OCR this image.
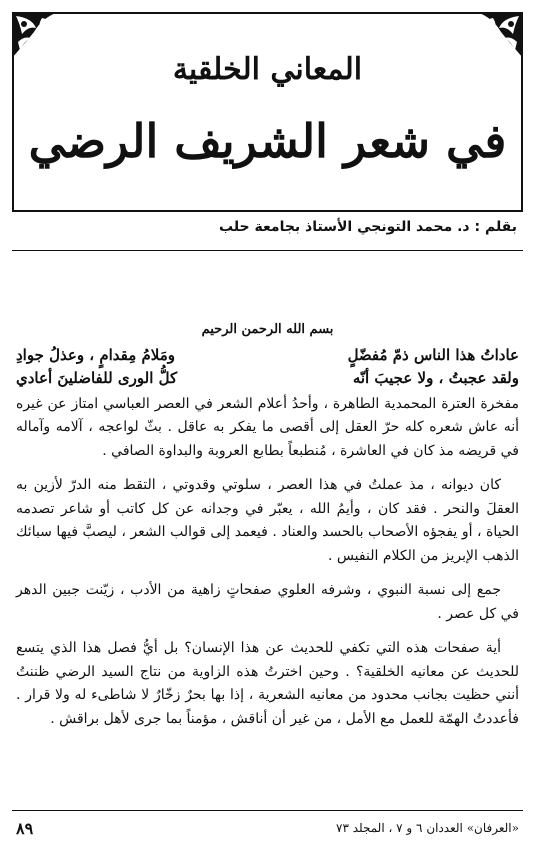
المعاني الخلقية
في شعر الشريف الرضي
بقلم : د. محمد التونجي الأستاذ بجامعة حلب
بسم الله الرحمن الرحيم
عاداتُ هذا الناس ذمّ مُفضّلٍ
ومَلامُ مِقدامٍ ، وعذلُ جوادِ
ولقد عجبتُ ، ولا عجيبَ أنّه
كلُّ الورى للفاضلينَ أعادي

مفخرة العترة المحمدية الطاهرة ، وأحدُ أعلام الشعر في العصر العباسي امتاز عن غيره أنه عاش شعره كله حرّ العقل إلى أقصى ما يفكر به عاقل . بثّ لواعجه ، آلامه وآماله في قريضه مذ كان في العاشرة ، مُنطبعاً بطابع العروبة والبداوة الصافي .

كان ديوانه ، مذ عملتُ في هذا العصر ، سلوتي وقدوتي ، التقط منه الدرّ لأزين به العقلَ والنحر . فقد كان ، وأيمُ الله ، يعبّر في وجدانه عن كل كاتب أو شاعر تصدمه الحياة ، أو يفجؤه الأصحاب بالحسد والعناد . فيعمد إلى قوالب الشعر ، ليصبَّ فيها سبائك الذهب الإبريز من الكلام النفيس .

جمع إلى نسبة النبوي ، وشرفه العلوي صفحاتٍ زاهية من الأدب ، زيّنت جبين الدهر في كل عصر .

أية صفحات هذه التي تكفي للحديث عن هذا الإنسان؟ بل أيُّ فصل هذا الذي يتسع للحديث عن معانيه الخلقية؟ . وحين اخترتُ هذه الزاوية من نتاج السيد الرضي ظننتُ أنني حظيت بجانب محدود من معانيه الشعرية ، إذا بها بحرٌ زخّارٌ لا شاطىء له ولا قرار . فأعددتُ الهمّة للعمل مع الأمل ، من غير أن أناقش ، مؤمناً بما جرى لأهل براقش .

٨٩	«العرفان» العددان ٦ و ٧ ، المجلد ٧٣
